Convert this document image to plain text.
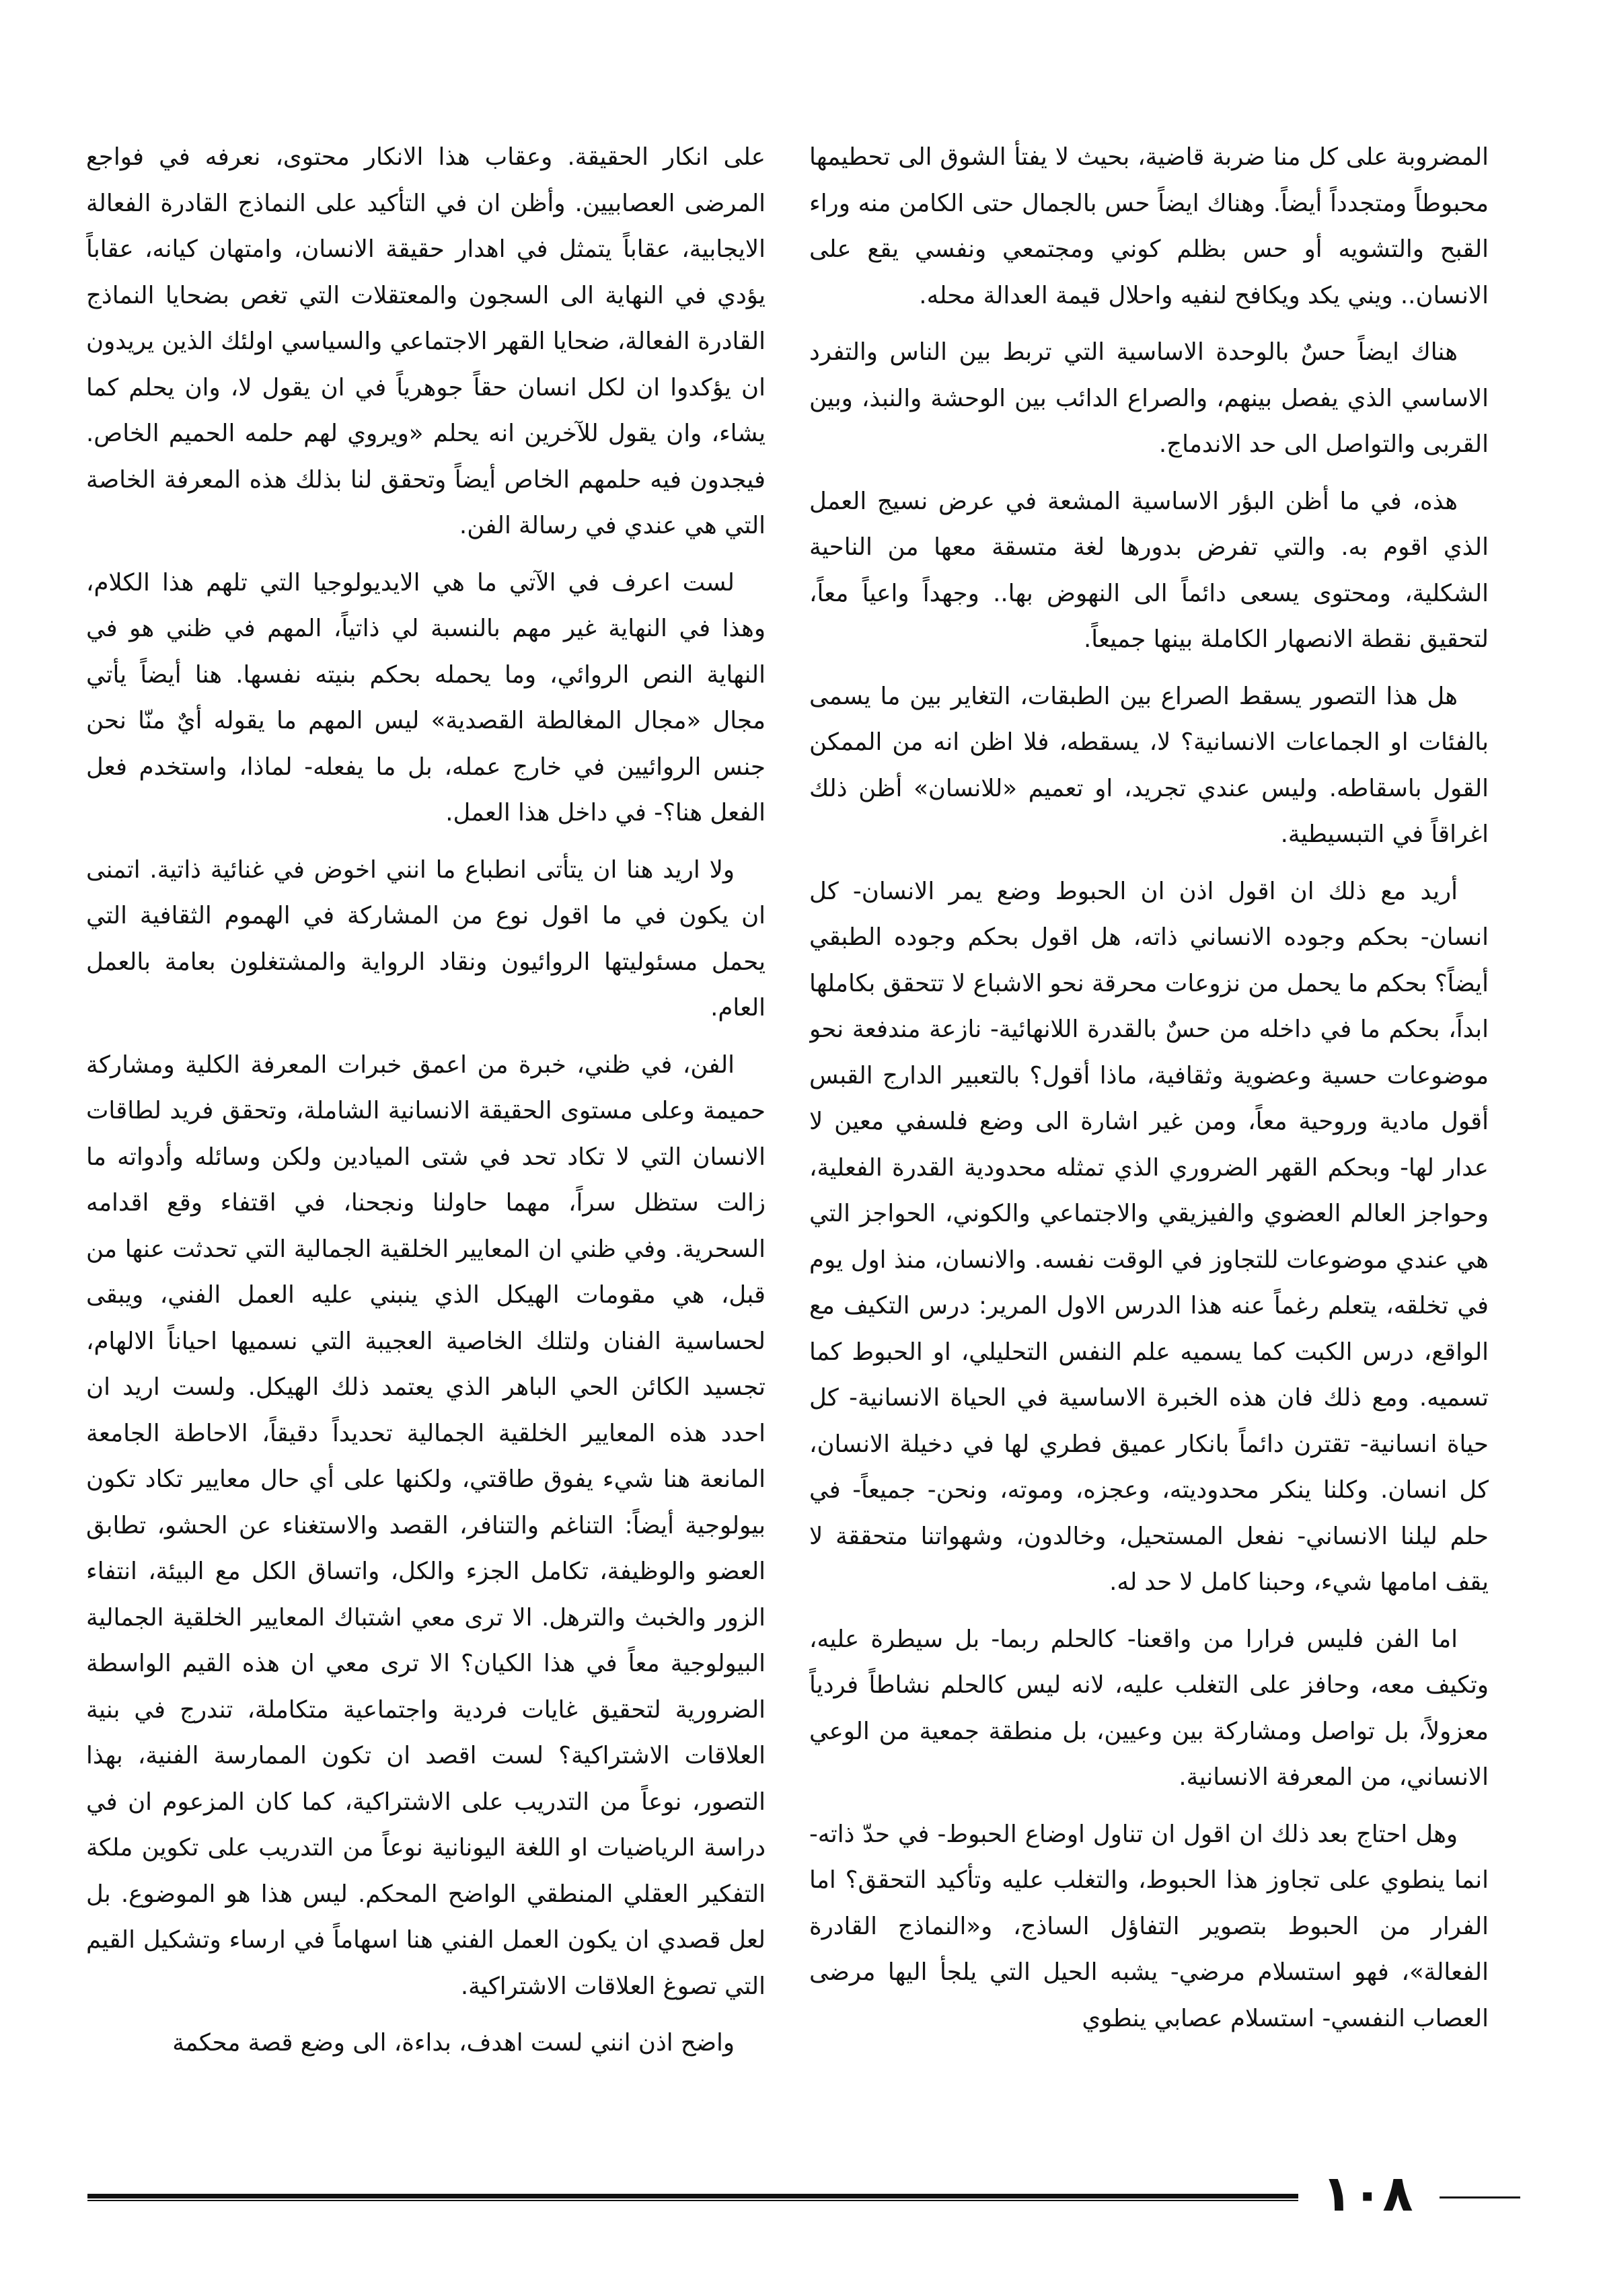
المضروبة على كل منا ضربة قاضية، بحيث لا يفتأ الشوق الى تحطيمها محبوطاً ومتجدداً أيضاً. وهناك ايضاً حس بالجمال حتى الكامن منه وراء القبح والتشويه أو حس بظلم كوني ومجتمعي ونفسي يقع على الانسان.. ويني يكد ويكافح لنفيه واحلال قيمة العدالة محله.

هناك ايضاً حسٌ بالوحدة الاساسية التي تربط بين الناس والتفرد الاساسي الذي يفصل بينهم، والصراع الدائب بين الوحشة والنبذ، وبين القربى والتواصل الى حد الاندماج.

هذه، في ما أظن البؤر الاساسية المشعة في عرض نسيج العمل الذي اقوم به. والتي تفرض بدورها لغة متسقة معها من الناحية الشكلية، ومحتوى يسعى دائماً الى النهوض بها.. وجهداً واعياً معاً، لتحقيق نقطة الانصهار الكاملة بينها جميعاً.

هل هذا التصور يسقط الصراع بين الطبقات، التغاير بين ما يسمى بالفئات او الجماعات الانسانية؟ لا، يسقطه، فلا اظن انه من الممكن القول باسقاطه. وليس عندي تجريد، او تعميم «للانسان» أظن ذلك اغراقاً في التبسيطية.

أريد مع ذلك ان اقول اذن ان الحبوط وضع يمر الانسان- كل انسان- بحكم وجوده الانساني ذاته، هل اقول بحكم وجوده الطبقي أيضاً؟ بحكم ما يحمل من نزوعات محرقة نحو الاشباع لا تتحقق بكاملها ابداً، بحكم ما في داخله من حسٌ بالقدرة اللانهائية- نازعة مندفعة نحو موضوعات حسية وعضوية وثقافية، ماذا أقول؟ بالتعبير الدارج القبس أقول مادية وروحية معاً، ومن غير اشارة الى وضع فلسفي معين لا عدار لها- وبحكم القهر الضروري الذي تمثله محدودية القدرة الفعلية، وحواجز العالم العضوي والفيزيقي والاجتماعي والكوني، الحواجز التي هي عندي موضوعات للتجاوز في الوقت نفسه. والانسان، منذ اول يوم في تخلقه، يتعلم رغماً عنه هذا الدرس الاول المرير: درس التكيف مع الواقع، درس الكبت كما يسميه علم النفس التحليلي، او الحبوط كما تسميه. ومع ذلك فان هذه الخبرة الاساسية في الحياة الانسانية- كل حياة انسانية- تقترن دائماً بانكار عميق فطري لها في دخيلة الانسان، كل انسان. وكلنا ينكر محدوديته، وعجزه، وموته، ونحن- جميعاً- في حلم ليلنا الانساني- نفعل المستحيل، وخالدون، وشهواتنا متحققة لا يقف امامها شيء، وحبنا كامل لا حد له.

اما الفن فليس فرارا من واقعنا- كالحلم ربما- بل سيطرة عليه، وتكيف معه، وحافز على التغلب عليه، لانه ليس كالحلم نشاطاً فردياً معزولاً، بل تواصل ومشاركة بين وعيين، بل منطقة جمعية من الوعي الانساني، من المعرفة الانسانية.

وهل احتاج بعد ذلك ان اقول ان تناول اوضاع الحبوط- في حدّ ذاته- انما ينطوي على تجاوز هذا الحبوط، والتغلب عليه وتأكيد التحقق؟ اما الفرار من الحبوط بتصوير التفاؤل الساذج، و«النماذج القادرة الفعالة»، فهو استسلام مرضي- يشبه الحيل التي يلجأ اليها مرضى العصاب النفسي- استسلام عصابي ينطوي

على انكار الحقيقة. وعقاب هذا الانكار محتوى، نعرفه في فواجع المرضى العصابيين. وأظن ان في التأكيد على النماذج القادرة الفعالة الايجابية، عقاباً يتمثل في اهدار حقيقة الانسان، وامتهان كيانه، عقاباً يؤدي في النهاية الى السجون والمعتقلات التي تغص بضحايا النماذج القادرة الفعالة، ضحايا القهر الاجتماعي والسياسي اولئك الذين يريدون ان يؤكدوا ان لكل انسان حقاً جوهرياً في ان يقول لا، وان يحلم كما يشاء، وان يقول للآخرين انه يحلم «ويروي لهم حلمه الحميم الخاص. فيجدون فيه حلمهم الخاص أيضاً وتحقق لنا بذلك هذه المعرفة الخاصة التي هي عندي في رسالة الفن.

لست اعرف في الآتي ما هي الايديولوجيا التي تلهم هذا الكلام، وهذا في النهاية غير مهم بالنسبة لي ذاتياً، المهم في ظني هو في النهاية النص الروائي، وما يحمله بحكم بنيته نفسها. هنا أيضاً يأتي مجال «مجال المغالطة القصدية» ليس المهم ما يقوله أيٌ منّا نحن جنس الروائيين في خارج عمله، بل ما يفعله- لماذا، واستخدم فعل الفعل هنا؟- في داخل هذا العمل.

ولا اريد هنا ان يتأتى انطباع ما انني اخوض في غنائية ذاتية. اتمنى ان يكون في ما اقول نوع من المشاركة في الهموم الثقافية التي يحمل مسئوليتها الروائيون ونقاد الرواية والمشتغلون بعامة بالعمل العام.

الفن، في ظني، خبرة من اعمق خبرات المعرفة الكلية ومشاركة حميمة وعلى مستوى الحقيقة الانسانية الشاملة، وتحقق فريد لطاقات الانسان التي لا تكاد تحد في شتى الميادين ولكن وسائله وأدواته ما زالت ستظل سراً، مهما حاولنا ونجحنا، في اقتفاء وقع اقدامه السحرية. وفي ظني ان المعايير الخلقية الجمالية التي تحدثت عنها من قبل، هي مقومات الهيكل الذي ينبني عليه العمل الفني، ويبقى لحساسية الفنان ولتلك الخاصية العجيبة التي نسميها احياناً الالهام، تجسيد الكائن الحي الباهر الذي يعتمد ذلك الهيكل. ولست اريد ان احدد هذه المعايير الخلقية الجمالية تحديداً دقيقاً، الاحاطة الجامعة المانعة هنا شيء يفوق طاقتي، ولكنها على أي حال معايير تكاد تكون بيولوجية أيضاً: التناغم والتنافر، القصد والاستغناء عن الحشو، تطابق العضو والوظيفة، تكامل الجزء والكل، واتساق الكل مع البيئة، انتفاء الزور والخبث والترهل. الا ترى معي اشتباك المعايير الخلقية الجمالية البيولوجية معاً في هذا الكيان؟ الا ترى معي ان هذه القيم الواسطة الضرورية لتحقيق غايات فردية واجتماعية متكاملة، تندرج في بنية العلاقات الاشتراكية؟ لست اقصد ان تكون الممارسة الفنية، بهذا التصور، نوعاً من التدريب على الاشتراكية، كما كان المزعوم ان في دراسة الرياضيات او اللغة اليونانية نوعاً من التدريب على تكوين ملكة التفكير العقلي المنطقي الواضح المحكم. ليس هذا هو الموضوع. بل لعل قصدي ان يكون العمل الفني هنا اسهاماً في ارساء وتشكيل القيم التي تصوغ العلاقات الاشتراكية.

واضح اذن انني لست اهدف، بداءة، الى وضع قصة محكمة

١٠٨
